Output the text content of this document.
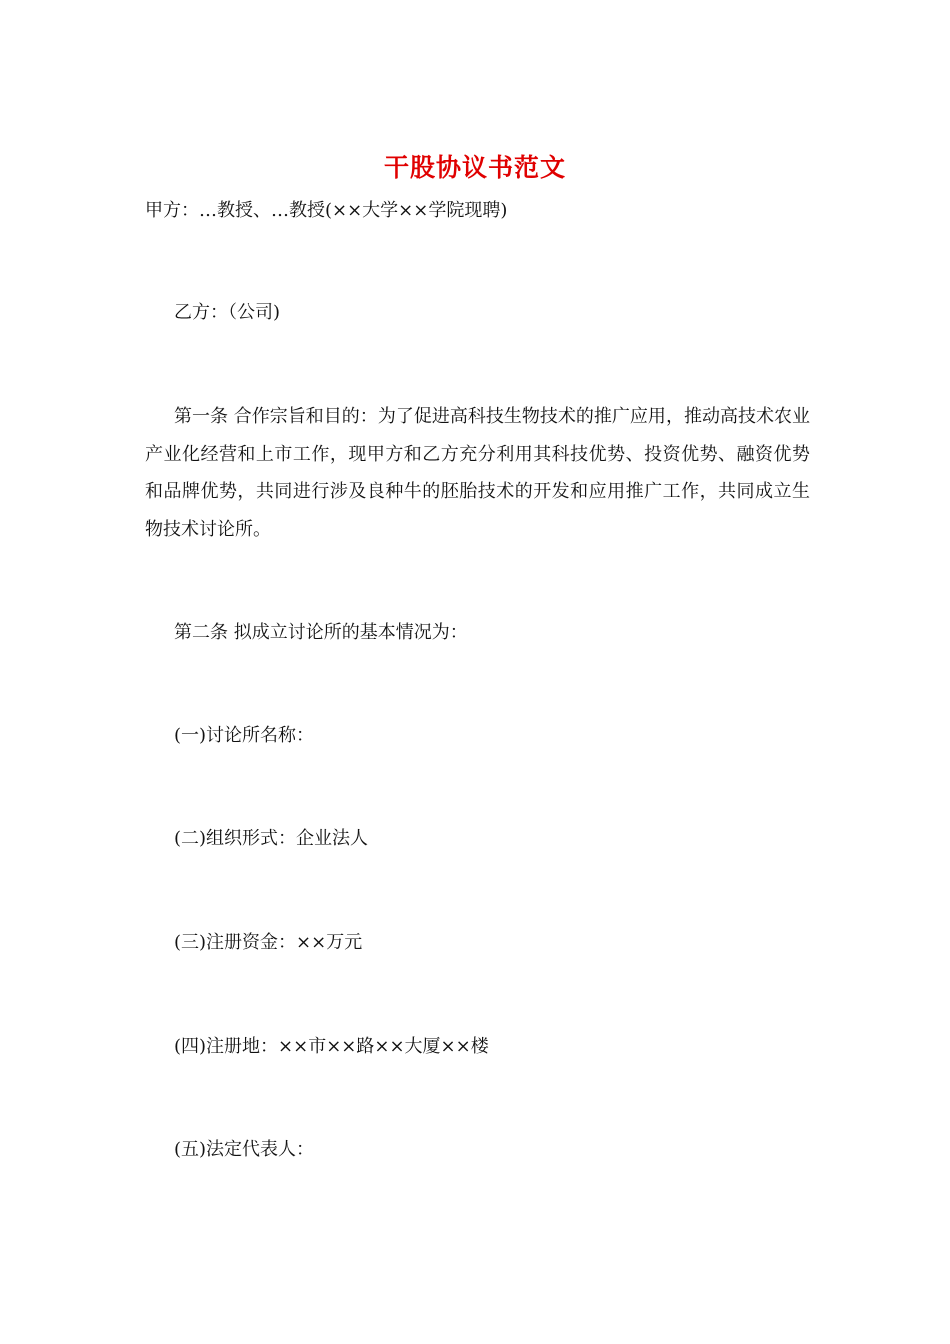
干股协议书范文

甲方：…教授、…教授(××大学××学院现聘)

乙方：（公司)

第一条 合作宗旨和目的：为了促进高科技生物技术的推广应用，推动高技术农业产业化经营和上市工作，现甲方和乙方充分利用其科技优势、投资优势、融资优势和品牌优势，共同进行涉及良种牛的胚胎技术的开发和应用推广工作，共同成立生物技术讨论所。

第二条 拟成立讨论所的基本情况为：

(一)讨论所名称：

(二)组织形式：企业法人

(三)注册资金：××万元

(四)注册地：××市××路××大厦××楼

(五)法定代表人：
